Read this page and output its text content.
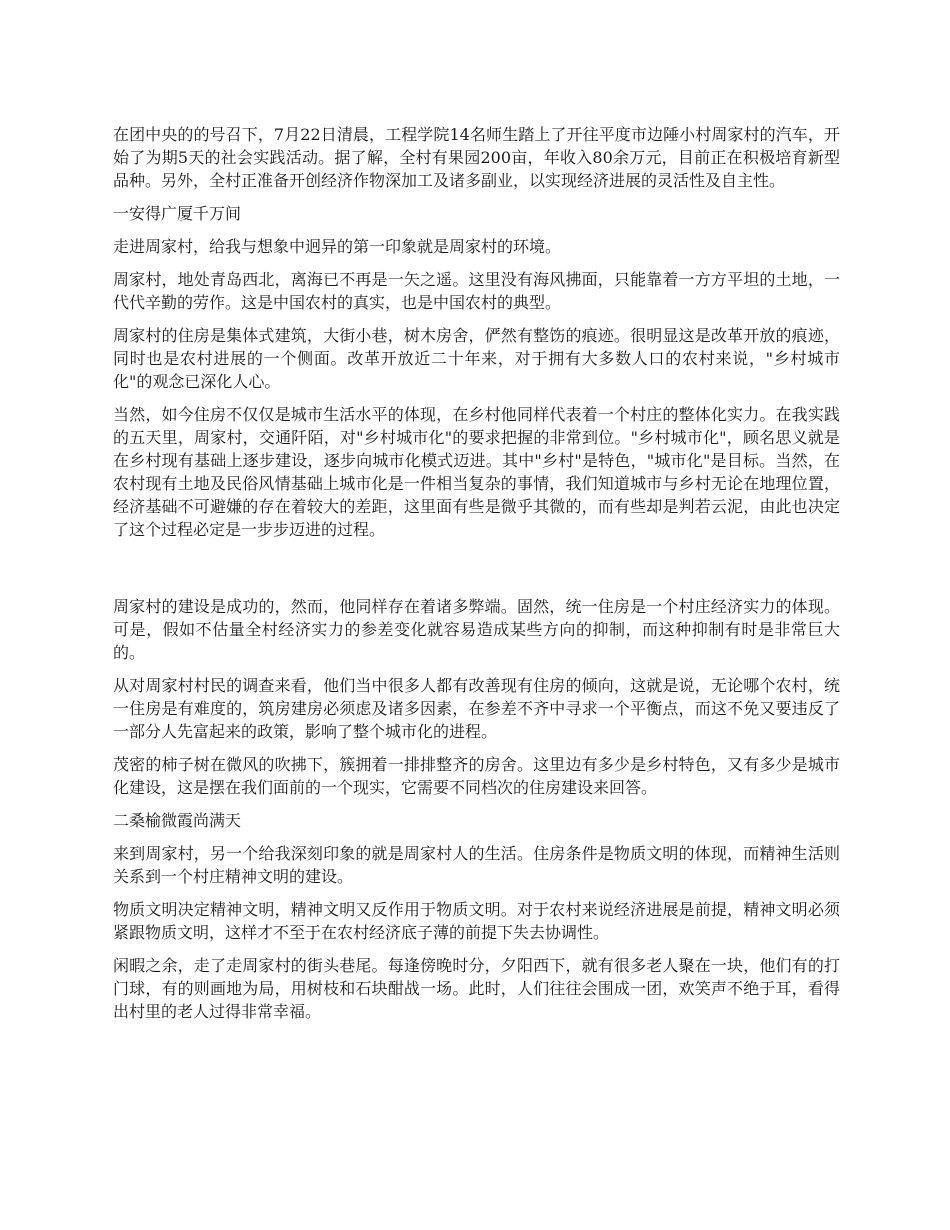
在团中央的的号召下，7月22日清晨，工程学院14名师生踏上了开往平度市边陲小村周家村的汽车，开始了为期5天的社会实践活动。据了解，全村有果园200亩，年收入80余万元，目前正在积极培育新型品种。另外，全村正准备开创经济作物深加工及诸多副业，以实现经济进展的灵活性及自主性。

一安得广厦千万间

走进周家村，给我与想象中迥异的第一印象就是周家村的环境。

周家村，地处青岛西北，离海已不再是一矢之遥。这里没有海风拂面，只能靠着一方方平坦的土地，一代代辛勤的劳作。这是中国农村的真实，也是中国农村的典型。

周家村的住房是集体式建筑，大街小巷，树木房舍，俨然有整饬的痕迹。很明显这是改革开放的痕迹，同时也是农村进展的一个侧面。改革开放近二十年来，对于拥有大多数人口的农村来说，"乡村城市化"的观念已深化人心。

当然，如今住房不仅仅是城市生活水平的体现，在乡村他同样代表着一个村庄的整体化实力。在我实践的五天里，周家村，交通阡陌，对"乡村城市化"的要求把握的非常到位。"乡村城市化"，顾名思义就是在乡村现有基础上逐步建设，逐步向城市化模式迈进。其中"乡村"是特色，"城市化"是目标。当然，在农村现有土地及民俗风情基础上城市化是一件相当复杂的事情，我们知道城市与乡村无论在地理位置，经济基础不可避嫌的存在着较大的差距，这里面有些是微乎其微的，而有些却是判若云泥，由此也决定了这个过程必定是一步步迈进的过程。

周家村的建设是成功的，然而，他同样存在着诸多弊端。固然，统一住房是一个村庄经济实力的体现。可是，假如不估量全村经济实力的参差变化就容易造成某些方向的抑制，而这种抑制有时是非常巨大的。

从对周家村村民的调查来看，他们当中很多人都有改善现有住房的倾向，这就是说，无论哪个农村，统一住房是有难度的，筑房建房必须虑及诸多因素，在参差不齐中寻求一个平衡点，而这不免又要违反了一部分人先富起来的政策，影响了整个城市化的进程。

茂密的柿子树在微风的吹拂下，簇拥着一排排整齐的房舍。这里边有多少是乡村特色，又有多少是城市化建设，这是摆在我们面前的一个现实，它需要不同档次的住房建设来回答。

二桑榆微霞尚满天

来到周家村，另一个给我深刻印象的就是周家村人的生活。住房条件是物质文明的体现，而精神生活则关系到一个村庄精神文明的建设。

物质文明决定精神文明，精神文明又反作用于物质文明。对于农村来说经济进展是前提，精神文明必须紧跟物质文明，这样才不至于在农村经济底子薄的前提下失去协调性。

闲暇之余，走了走周家村的街头巷尾。每逢傍晚时分，夕阳西下，就有很多老人聚在一块，他们有的打门球，有的则画地为局，用树枝和石块酣战一场。此时，人们往往会围成一团，欢笑声不绝于耳，看得出村里的老人过得非常幸福。
